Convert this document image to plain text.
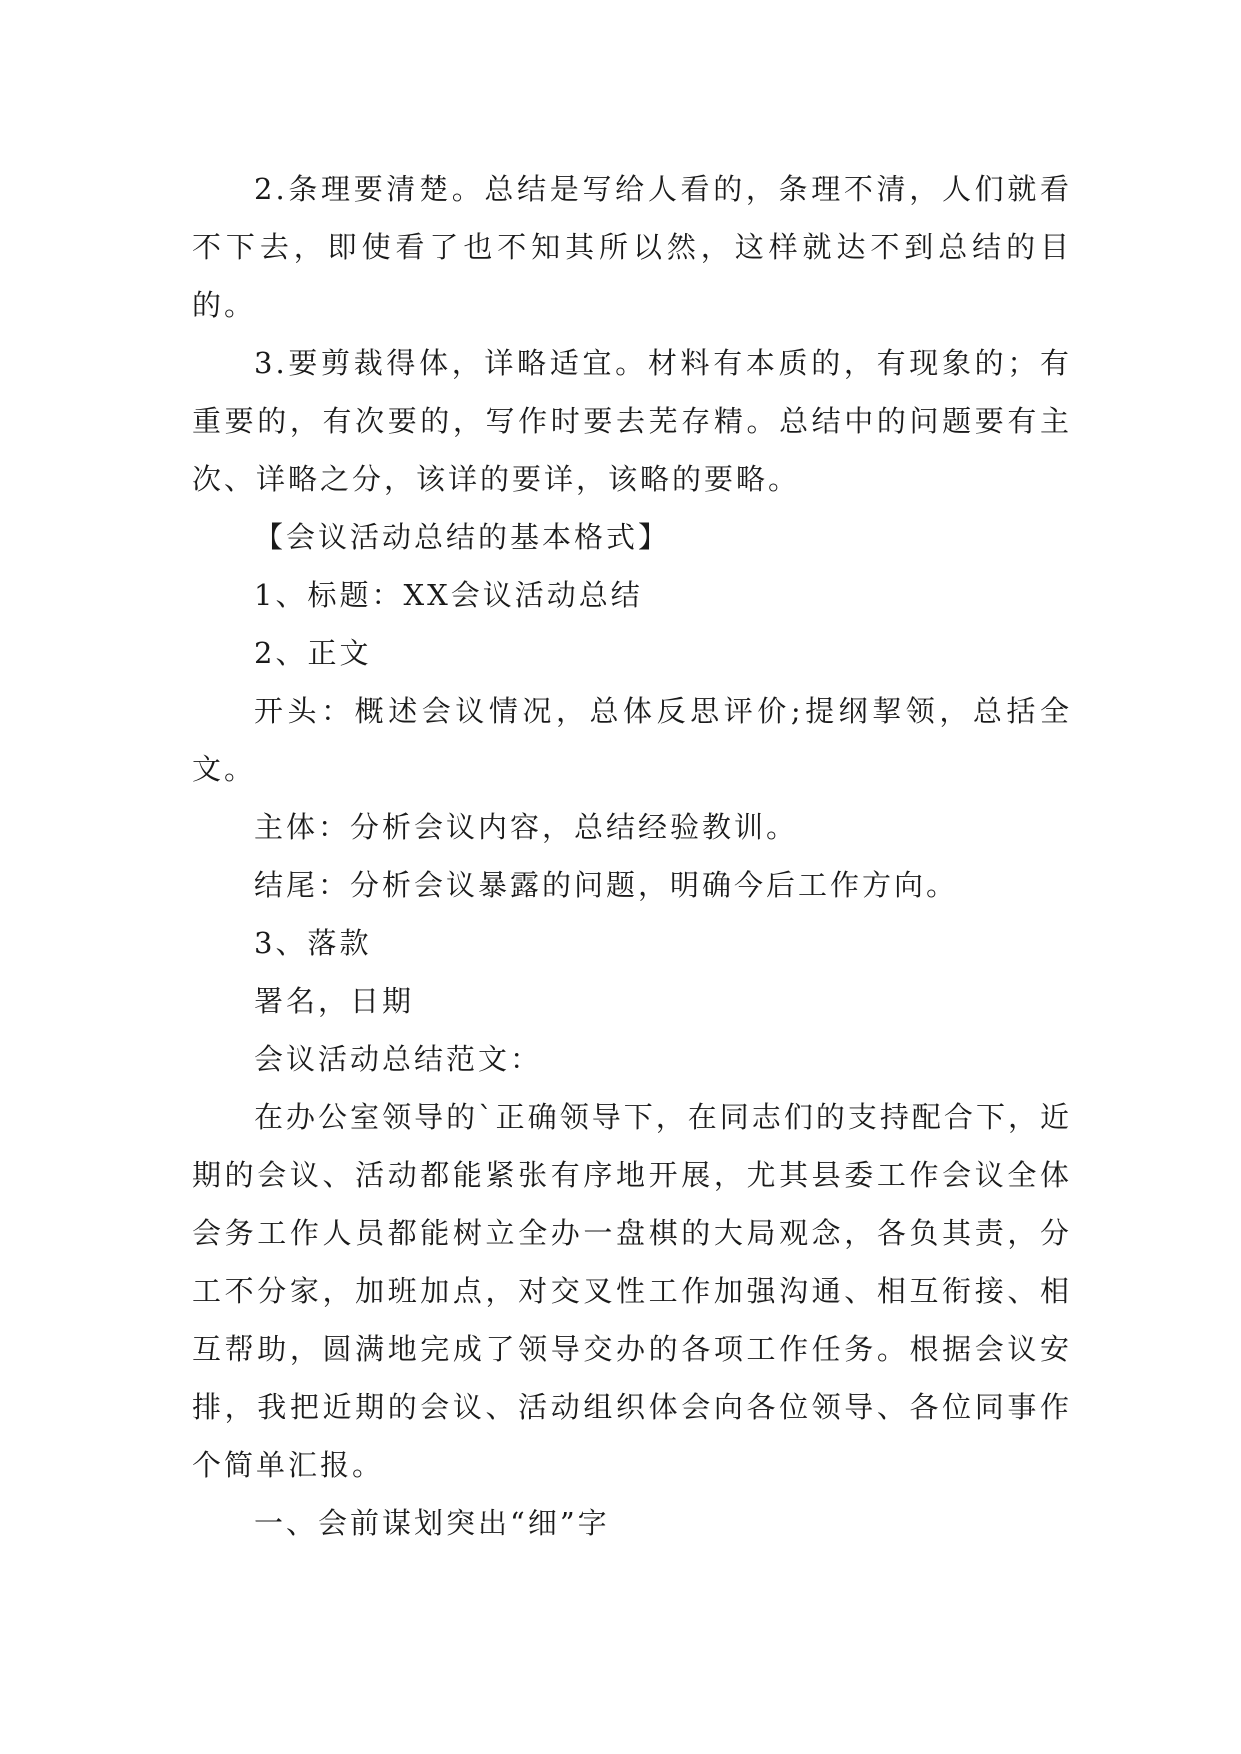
2.条理要清楚。总结是写给人看的，条理不清，人们就看不下去，即使看了也不知其所以然，这样就达不到总结的目的。

3.要剪裁得体，详略适宜。材料有本质的，有现象的；有重要的，有次要的，写作时要去芜存精。总结中的问题要有主次、详略之分，该详的要详，该略的要略。

【会议活动总结的基本格式】

1、标题：XX会议活动总结

2、正文

开头：概述会议情况，总体反思评价;提纲挈领，总括全文。

主体：分析会议内容，总结经验教训。

结尾：分析会议暴露的问题，明确今后工作方向。

3、落款

署名，日期

会议活动总结范文：

在办公室领导的`正确领导下，在同志们的支持配合下，近期的会议、活动都能紧张有序地开展，尤其县委工作会议全体会务工作人员都能树立全办一盘棋的大局观念，各负其责，分工不分家，加班加点，对交叉性工作加强沟通、相互衔接、相互帮助，圆满地完成了领导交办的各项工作任务。根据会议安排，我把近期的会议、活动组织体会向各位领导、各位同事作个简单汇报。

一、会前谋划突出“细”字
